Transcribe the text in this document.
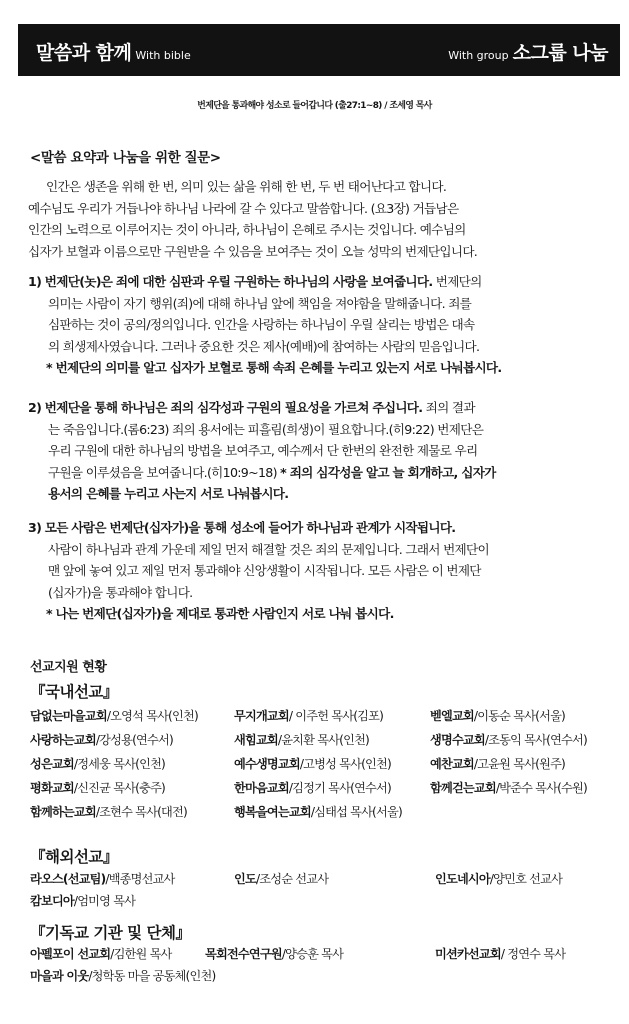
말씀과 함께 With bible	With group 소그룹 나눔
번제단을 통과해야 성소로 들어갑니다 (출27:1~8) / 조세영 목사
<말씀 요약과 나눔을 위한 질문>
인간은 생존을 위해 한 번, 의미 있는 삶을 위해 한 번, 두 번 태어난다고 합니다.
예수님도 우리가 거듭나야 하나님 나라에 갈 수 있다고 말씀합니다. (요3장) 거듭남은
인간의 노력으로 이루어지는 것이 아니라, 하나님이 은혜로 주시는 것입니다. 예수님의
십자가 보혈과 이름으로만 구원받을 수 있음을 보여주는 것이 오늘 성막의 번제단입니다.
1) 번제단(놋)은 죄에 대한 심판과 우릴 구원하는 하나님의 사랑을 보여줍니다. 번제단의
의미는 사람이 자기 행위(죄)에 대해 하나님 앞에 책임을 져야함을 말해줍니다. 죄를
심판하는 것이 공의/정의입니다. 인간을 사랑하는 하나님이 우릴 살리는 방법은 대속
의 희생제사였습니다. 그러나 중요한 것은 제사(예배)에 참여하는 사람의 믿음입니다.
* 번제단의 의미를 알고 십자가 보혈로 통해 속죄 은혜를 누리고 있는지 서로 나눠봅시다.
2) 번제단을 통해 하나님은 죄의 심각성과 구원의 필요성을 가르쳐 주십니다. 죄의 결과
는 죽음입니다.(롬6:23) 죄의 용서에는 피흘림(희생)이 필요합니다.(히9:22) 번제단은
우리 구원에 대한 하나님의 방법을 보여주고, 예수께서 단 한번의 완전한 제물로 우리
구원을 이루셨음을 보여줍니다.(히10:9~18) * 죄의 심각성을 알고 늘 회개하고, 십자가
용서의 은혜를 누리고 사는지 서로 나눠봅시다.
3) 모든 사람은 번제단(십자가)을 통해 성소에 들어가 하나님과 관계가 시작됩니다.
사람이 하나님과 관계 가운데 제일 먼저 해결할 것은 죄의 문제입니다. 그래서 번제단이
맨 앞에 놓여 있고 제일 먼저 통과해야 신앙생활이 시작됩니다. 모든 사람은 이 번제단
(십자가)을 통과해야 합니다.
* 나는 번제단(십자가)을 제대로 통과한 사람인지 서로 나눠 봅시다.
선교지원 현황
『국내선교』
담없는마을교회/오영석 목사(인천)	무지개교회/ 이주헌 목사(김포)	벧엘교회/이동순 목사(서울)
사랑하는교회/강성용(연수서)	새힘교회/윤치환 목사(인천)	생명수교회/조동익 목사(연수서)
성은교회/정세웅 목사(인천)	예수생명교회/고병성 목사(인천)	예찬교회/고윤원 목사(원주)
평화교회/신진균 목사(충주)	한마음교회/김정기 목사(연수서)	함께걷는교회/박준수 목사(수원)
함께하는교회/조현수 목사(대전)	행복을여는교회/심태섭 목사(서울)
『해외선교』
라오스(선교팀)/백종명선교사	인도/조성순 선교사	인도네시아/양민호 선교사
캄보디아/엄미영 목사
『기독교 기관 및 단체』
아펠포이 선교회/김한원 목사	목회전수연구원/양승훈 목사	미션카선교회/ 정연수 목사
마을과 이웃/청학동 마을 공동체(인천)
